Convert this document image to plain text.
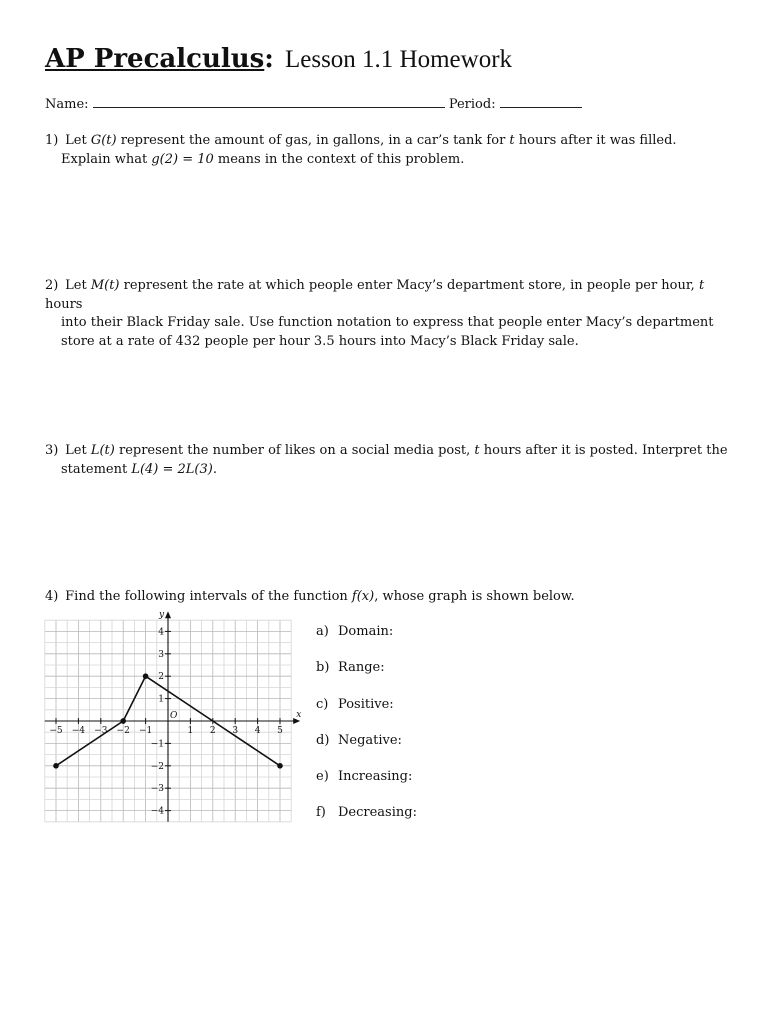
AP Precalculus: Lesson 1.1 Homework
Name:	Period:
1) Let G(t) represent the amount of gas, in gallons, in a car’s tank for t hours after it was filled.
Explain what g(2) = 10 means in the context of this problem.
2) Let M(t) represent the rate at which people enter Macy’s department store, in people per hour, t hours
into their Black Friday sale. Use function notation to express that people enter Macy’s department
store at a rate of 432 people per hour 3.5 hours into Macy’s Black Friday sale.
3) Let L(t) represent the number of likes on a social media post, t hours after it is posted. Interpret the
statement L(4) = 2L(3).
4) Find the following intervals of the function f(x), whose graph is shown below.
x
y
O
−5 −4 −3 −2 −1	1 2 3 4 5
−4
−3
−2
−1
1
2
3
4	a) Domain:
b) Range:
c) Positive:
d) Negative:
e) Increasing:
f) Decreasing:
